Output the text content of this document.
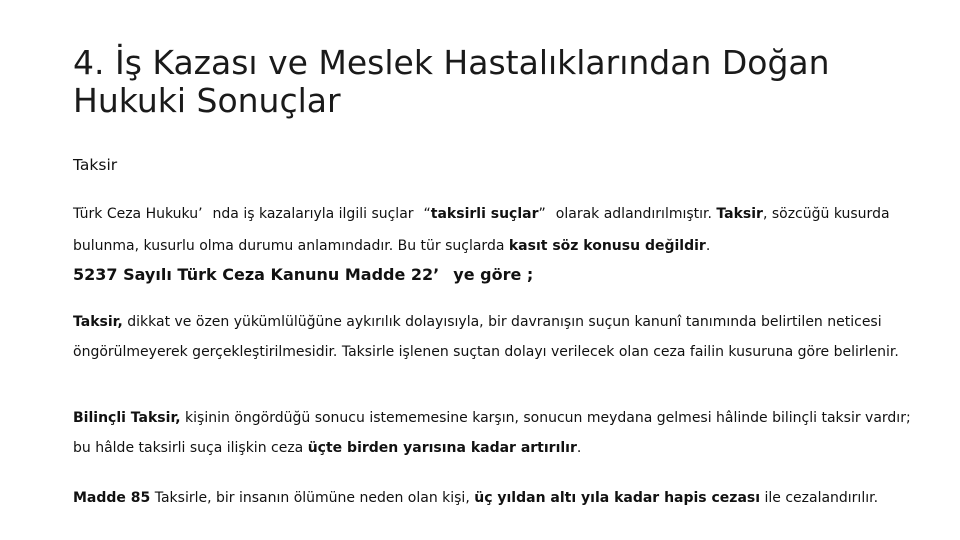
4. İş Kazası ve Meslek Hastalıklarından Doğan
Hukuki Sonuçlar

Taksir

Türk Ceza Hukuku’ nda iş kazalarıyla ilgili suçlar “taksirli suçlar” olarak adlandırılmıştır. Taksir, sözcüğü kusurda bulunma, kusurlu olma durumu anlamındadır. Bu tür suçlarda kasıt söz konusu değildir.

5237 Sayılı Türk Ceza Kanunu Madde 22’ ye göre ;

Taksir, dikkat ve özen yükümlülüğüne aykırılık dolayısıyla, bir davranışın suçun kanunî tanımında belirtilen neticesi öngörülmeyerek gerçekleştirilmesidir. Taksirle işlenen suçtan dolayı verilecek olan ceza failin kusuruna göre belirlenir.

Bilinçli Taksir, kişinin öngördüğü sonucu istememesine karşın, sonucun meydana gelmesi hâlinde bilinçli taksir vardır; bu hâlde taksirli suça ilişkin ceza üçte birden yarısına kadar artırılır.

Madde 85 Taksirle, bir insanın ölümüne neden olan kişi, üç yıldan altı yıla kadar hapis cezası ile cezalandırılır.
